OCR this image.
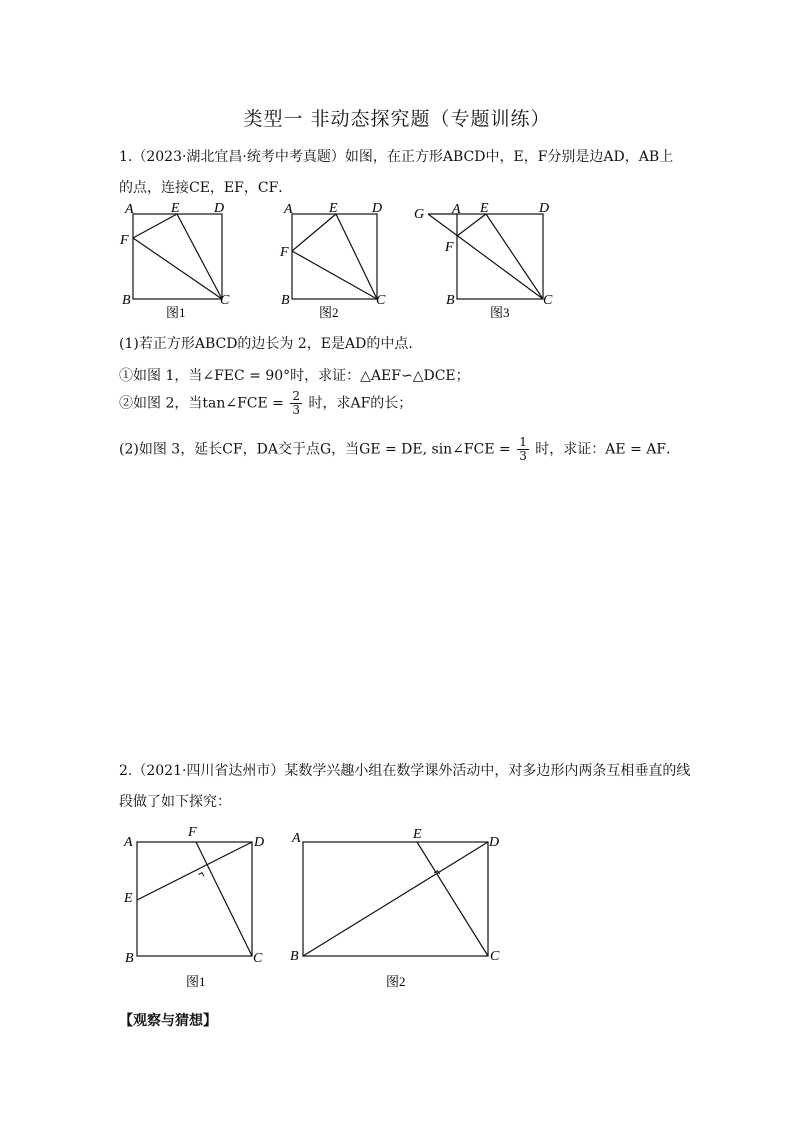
类型一 非动态探究题（专题训练）
1.（2023·湖北宜昌·统考中考真题）如图，在正方形ABCD中，E，F分别是边AD，AB上
的点，连接CE，EF，CF．
A	E D
F
B	C
图1
A	E D
F
B	C
图2
G A E	D
F
B	C
图3
(1)若正方形ABCD的边长为 2，E是AD的中点．
①如图 1，当∠FEC = 90°时，求证：△AEF∽△DCE；
②如图 2，当tan∠FCE = $\frac{2}{3}$ 时，求AF的长；
(2)如图 3，延长CF，DA交于点G，当GE = DE, sin∠FCE = $\frac{1}{3}$ 时，求证：AE = AF．
2.（2021·四川省达州市）某数学兴趣小组在数学课外活动中，对多边形内两条互相垂直的线
段做了如下探究：
A
F
D
E
B	C
图1
A	E
D
B	C
图2
【观察与猜想】
